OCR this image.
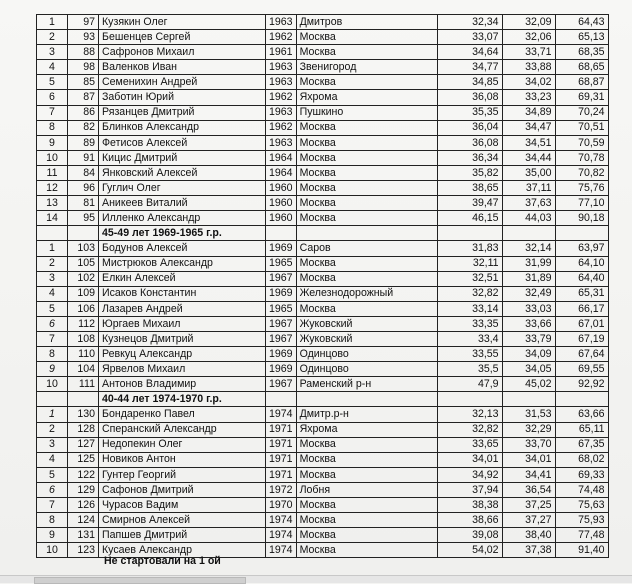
1	97	Кузякин Олег	1963	Дмитров	32,34	32,09	64,43
2	93	Бешенцев Сергей	1962	Москва	33,07	32,06	65,13
3	88	Сафронов Михаил	1961	Москва	34,64	33,71	68,35
4	98	Валенков Иван	1963	Звенигород	34,77	33,88	68,65
5	85	Семенихин Андрей	1963	Москва	34,85	34,02	68,87
6	87	Заботин Юрий	1962	Яхрома	36,08	33,23	69,31
7	86	Рязанцев Дмитрий	1963	Пушкино	35,35	34,89	70,24
8	82	Блинков Александр	1962	Москва	36,04	34,47	70,51
9	89	Фетисов Алексей	1963	Москва	36,08	34,51	70,59
10	91	Кицис Дмитрий	1964	Москва	36,34	34,44	70,78
11	84	Янковский Алексей	1964	Москва	35,82	35,00	70,82
12	96	Гуглич Олег	1960	Москва	38,65	37,11	75,76
13	81	Аникеев Виталий	1960	Москва	39,47	37,63	77,10
14	95	Илленко Александр	1960	Москва	46,15	44,03	90,18
		45-49 лет 1969-1965 г.р.					
1	103	Бодунов Алексей	1969	Саров	31,83	32,14	63,97
2	105	Мистрюков Александр	1965	Москва	32,11	31,99	64,10
3	102	Елкин Алексей	1967	Москва	32,51	31,89	64,40
4	109	Исаков Константин	1969	Железнодорожный	32,82	32,49	65,31
5	106	Лазарев Андрей	1965	Москва	33,14	33,03	66,17
6	112	Юргаев Михаил	1967	Жуковский	33,35	33,66	67,01
7	108	Кузнецов Дмитрий	1967	Жуковский	33,4	33,79	67,19
8	110	Ревкуц Александр	1969	Одинцово	33,55	34,09	67,64
9	104	Ярвелов Михаил	1969	Одинцово	35,5	34,05	69,55
10	111	Антонов Владимир	1967	Раменский р-н	47,9	45,02	92,92
		40-44 лет 1974-1970 г.р.					
1	130	Бондаренко Павел	1974	Дмитр.р-н	32,13	31,53	63,66
2	128	Сперанский Александр	1971	Яхрома	32,82	32,29	65,11
3	127	Недопекин Олег	1971	Москва	33,65	33,70	67,35
4	125	Новиков Антон	1971	Москва	34,01	34,01	68,02
5	122	Гунтер Георгий	1971	Москва	34,92	34,41	69,33
6	129	Сафонов Дмитрий	1972	Лобня	37,94	36,54	74,48
7	126	Чурасов Вадим	1970	Москва	38,38	37,25	75,63
8	124	Смирнов Алексей	1974	Москва	38,66	37,27	75,93
9	131	Папшев Дмитрий	1974	Москва	39,08	38,40	77,48
10	123	Кусаев Александр	1974	Москва	54,02	37,38	91,40
Не стартовали на 1 ой
